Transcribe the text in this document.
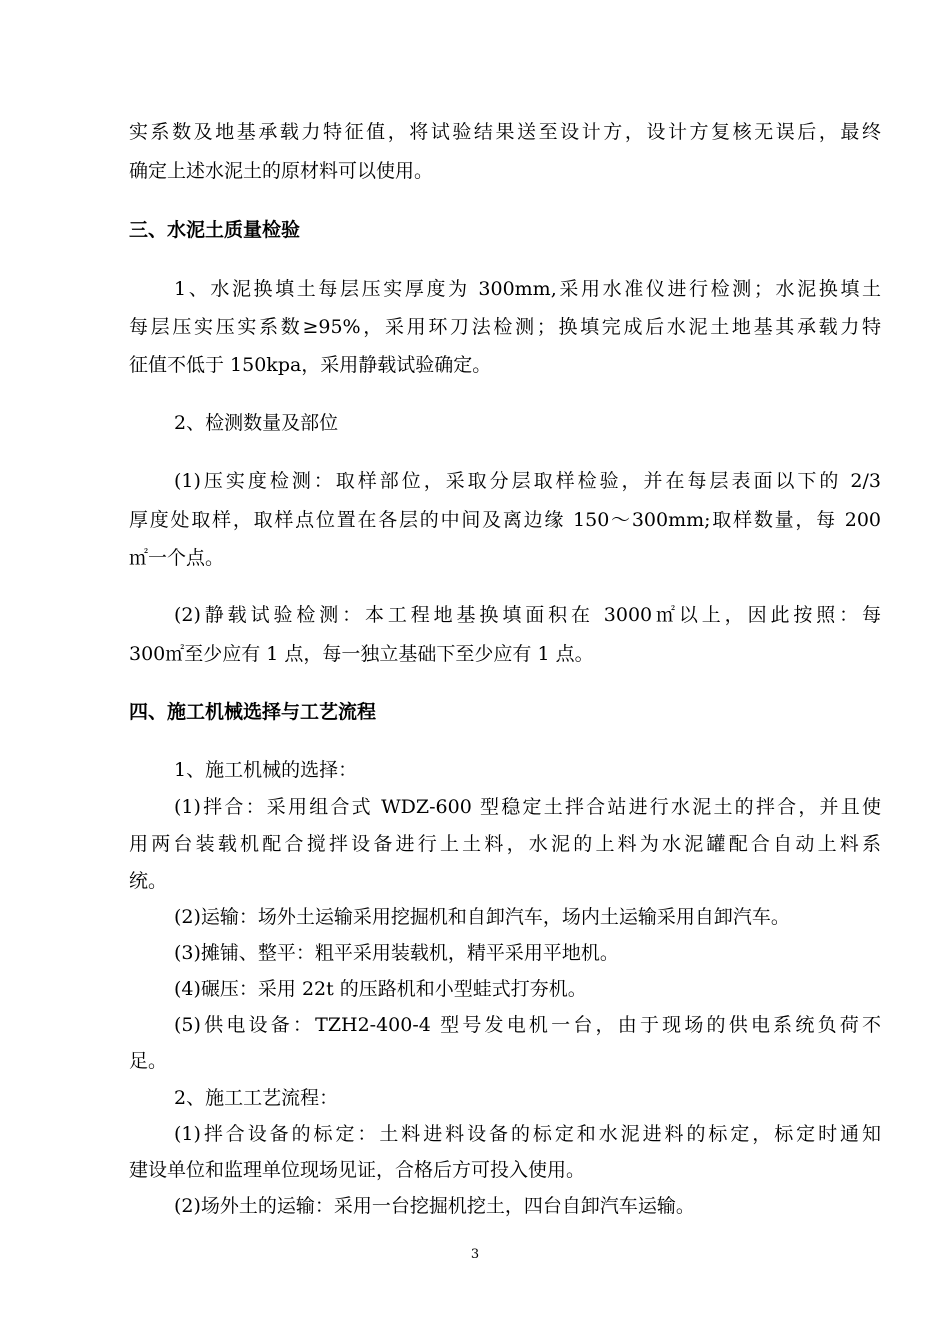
实系数及地基承载力特征值，将试验结果送至设计方，设计方复核无误后，最终
确定上述水泥土的原材料可以使用。
三、水泥土质量检验
1、水泥换填土每层压实厚度为 300mm,采用水准仪进行检测；水泥换填土
每层压实压实系数≥95%，采用环刀法检测；换填完成后水泥土地基其承载力特
征值不低于 150kpa，采用静载试验确定。
2、检测数量及部位
(1)压实度检测：取样部位，采取分层取样检验，并在每层表面以下的 2/3
厚度处取样，取样点位置在各层的中间及离边缘 150～300mm;取样数量，每 200
㎡一个点。
(2)静载试验检测：本工程地基换填面积在 3000㎡以上，因此按照：每
300㎡至少应有 1 点，每一独立基础下至少应有 1 点。
四、施工机械选择与工艺流程
1、施工机械的选择：
(1)拌合：采用组合式 WDZ-600 型稳定土拌合站进行水泥土的拌合，并且使
用两台装载机配合搅拌设备进行上土料，水泥的上料为水泥罐配合自动上料系
统。
(2)运输：场外土运输采用挖掘机和自卸汽车，场内土运输采用自卸汽车。
(3)摊铺、整平：粗平采用装载机，精平采用平地机。
(4)碾压：采用 22t 的压路机和小型蛙式打夯机。
(5)供电设备：TZH2-400-4 型号发电机一台，由于现场的供电系统负荷不
足。
2、施工工艺流程：
(1)拌合设备的标定：土料进料设备的标定和水泥进料的标定，标定时通知
建设单位和监理单位现场见证，合格后方可投入使用。
(2)场外土的运输：采用一台挖掘机挖土，四台自卸汽车运输。
3
